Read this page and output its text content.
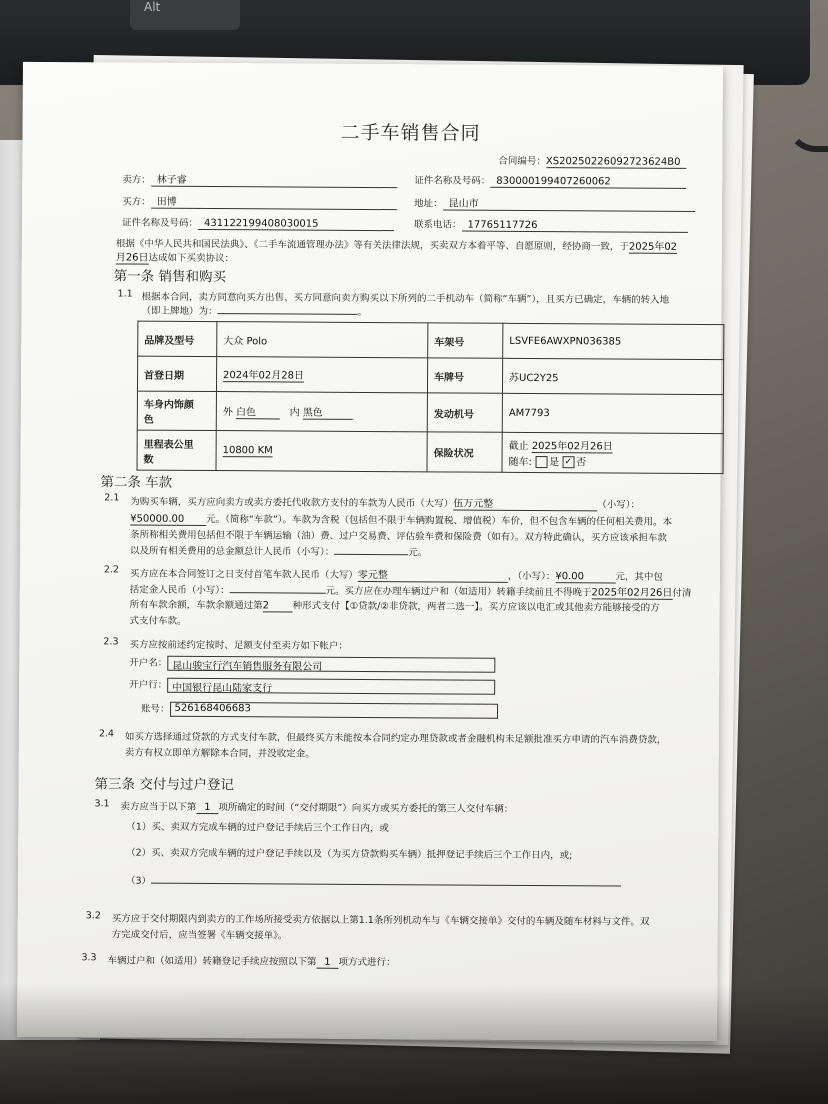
Alt
二手车销售合同
合同编号：XS20250226092723624B0
卖方： 林子睿	证件名称及号码： 830000199407260062
买方： 田博	地址： 昆山市
证件名称及号码： 431122199408030015	联系电话： 17765117726
根据《中华人民共和国民法典》、《二手车流通管理办法》等有关法律法规，买卖双方本着平等、自愿原则，经协商一致，于2025年02
月26日达成如下买卖协议：
第一条 销售和购买
1.1 根据本合同，卖方同意向买方出售、买方同意向卖方购买以下所列的二手机动车（简称“车辆”），且买方已确定，车辆的转入地
（即上牌地）为：	。
品牌及型号	大众 Polo	车架号	LSVFE6AWXPN036385
首登日期	2024年02月28日	车牌号	苏UC2Y25
车身内饰颜
色	外 白色 内 黑色	发动机号	AM7793
里程表公里
数	10800 KM	保险状况	截止 2025年02月26日
随车: 是 ✓ 否
第二条 车款
2.1 为购买车辆，买方应向卖方或卖方委托代收款方支付的车款为人民币（大写）伍万元整	（小写）：
¥50000.00 元。（简称“车款”）。车款为含税（包括但不限于车辆购置税、增值税）车价，但不包含车辆的任何相关费用。本
条所称相关费用包括但不限于车辆运输（油）费、过户交易费、评估验车费和保险费（如有）。双方特此确认，买方应该承担车款
以及所有相关费用的总金额总计人民币（小写）：	元。
2.2 买方应在本合同签订之日支付首笔车款人民币（大写）零元整	，（小写）：¥0.00	元，其中包
括定金人民币（小写）：	元。买方应在办理车辆过户和（如适用）转籍手续前且不得晚于2025年02月26日付清
所有车款余额，车款余额通过第2 种形式支付【①贷款/②非贷款，两者二选一】。买方应该以电汇或其他卖方能够接受的方
式支付车款。
2.3 买方应按前述约定按时、足额支付至卖方如下帐户：
开户名： 昆山骏宝行汽车销售服务有限公司
开户行： 中国银行昆山陆家支行
账号： 526168406683
2.4 如买方选择通过贷款的方式支付车款，但最终买方未能按本合同约定办理贷款或者金融机构未足额批准买方申请的汽车消费贷款，
卖方有权立即单方解除本合同，并没收定金。
第三条 交付与过户登记
3.1 卖方应当于以下第 1 项所确定的时间（“交付期限”）向买方或买方委托的第三人交付车辆：
（1）买、卖双方完成车辆的过户登记手续后三个工作日内，或
（2）买、卖双方完成车辆的过户登记手续以及（为买方贷款购买车辆）抵押登记手续后三个工作日内，或;
（3）
3.2 买方应于交付期限内到卖方的工作场所接受卖方依据以上第1.1条所列机动车与《车辆交接单》交付的车辆及随车材料与文件。双
方完成交付后，应当签署《车辆交接单》。
3.3 车辆过户和（如适用）转籍登记手续应按照以下第 1 项方式进行：
